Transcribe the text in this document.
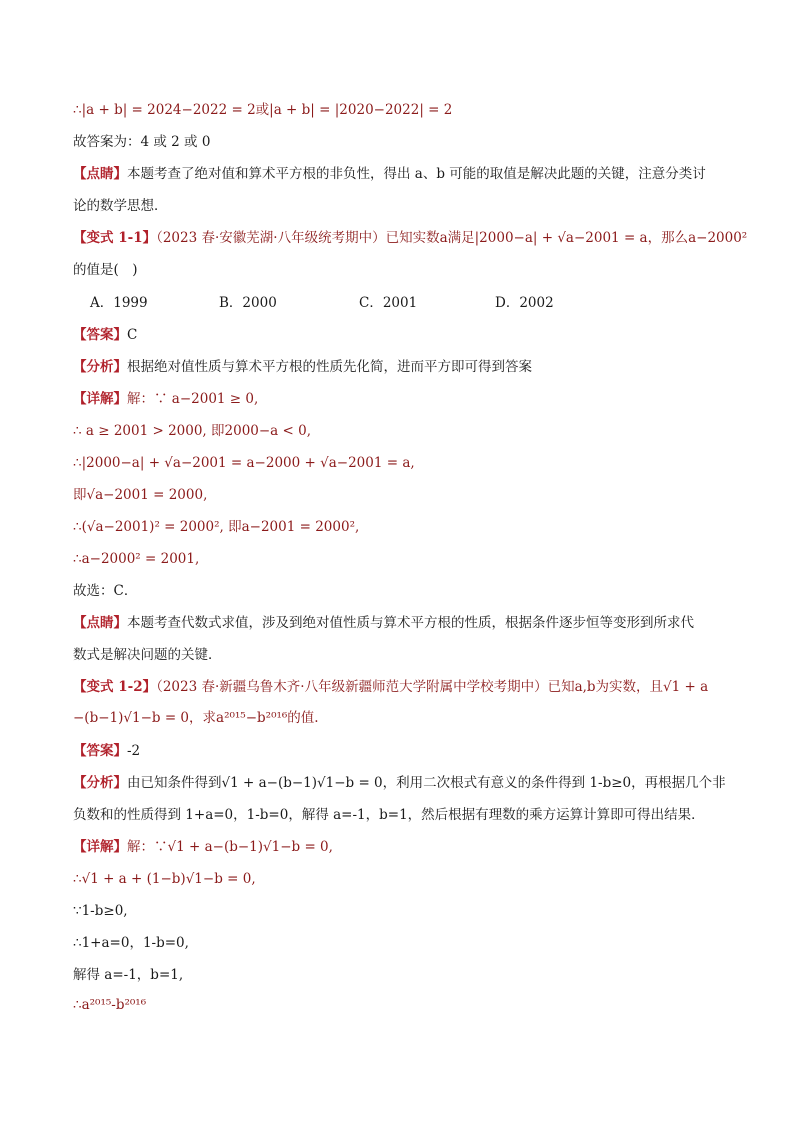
∴|a + b| = 2024−2022 = 2或|a + b| = |2020−2022| = 2

故答案为：4 或 2 或 0

【点睛】本题考查了绝对值和算术平方根的非负性，得出 a、b 可能的取值是解决此题的关键，注意分类讨

论的数学思想．

【变式 1-1】（2023 春·安徽芜湖·八年级统考期中）已知实数a满足|2000−a| + √a−2001 = a，那么a−2000²

的值是(　)

A．1999	B．2000	C．2001	D．2002

【答案】C

【分析】根据绝对值性质与算术平方根的性质先化简，进而平方即可得到答案

【详解】解：∵ a−2001 ≥ 0,

∴ a ≥ 2001 > 2000, 即2000−a < 0,

∴|2000−a| + √a−2001 = a−2000 + √a−2001 = a,

即√a−2001 = 2000,

∴(√a−2001)² = 2000², 即a−2001 = 2000²,

∴a−2000² = 2001,

故选：C．

【点睛】本题考查代数式求值，涉及到绝对值性质与算术平方根的性质，根据条件逐步恒等变形到所求代

数式是解决问题的关键．

【变式 1-2】（2023 春·新疆乌鲁木齐·八年级新疆师范大学附属中学校考期中）已知a,b为实数，且√1 + a

−(b−1)√1−b = 0，求a²⁰¹⁵−b²⁰¹⁶的值.

【答案】-2

【分析】由已知条件得到√1 + a−(b−1)√1−b = 0，利用二次根式有意义的条件得到 1-b≥0，再根据几个非

负数和的性质得到 1+a=0，1-b=0，解得 a=-1，b=1，然后根据有理数的乘方运算计算即可得出结果．

【详解】解：∵√1 + a−(b−1)√1−b = 0,

∴√1 + a + (1−b)√1−b = 0,

∵1-b≥0,

∴1+a=0，1-b=0,

解得 a=-1，b=1,

∴a²⁰¹⁵-b²⁰¹⁶
